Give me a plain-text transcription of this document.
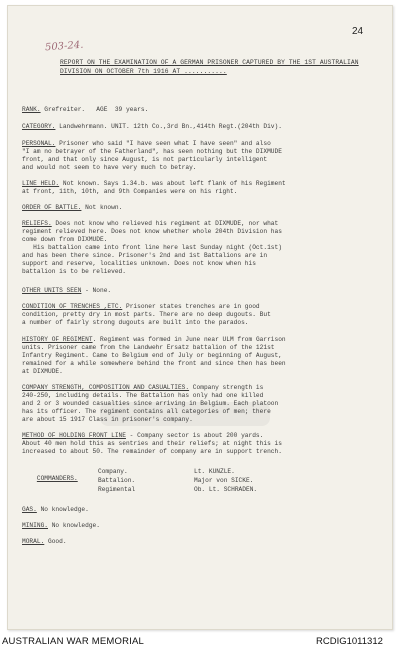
24
503-24.
REPORT ON THE EXAMINATION OF A GERMAN PRISONER CAPTURED BY THE 1ST AUSTRALIAN DIVISION ON OCTOBER 7th 1916 AT ...........
RANK. Grefreiter.   AGE  39 years.
CATEGORY. Landwehrmann. UNIT. 12th Co.,3rd Bn.,414th Regt.(204th Div).
PERSONAL. Prisoner who said "I have seen what I have seen" and also
"I am no betrayer of the Fatherland", has seen nothing but the DIXMUDE
front, and that only since August, is not particularly intelligent
and would not seem to have very much to betray.
LINE HELD. Not known. Says 1.34.b. was about left flank of his Regiment
at front, 11th, 10th, and 9th Companies were on his right.
ORDER OF BATTLE. Not known.
RELIEFS. Does not know who relieved his regiment at DIXMUDE, nor what
regiment relieved here. Does not know whether whole 204th Division has
come down from DIXMUDE.
His battalion came into front line here last Sunday night (Oct.1st)
and has been there since. Prisoner's 2nd and 1st Battalions are in
support and reserve, localities unknown. Does not know when his
battalion is to be relieved.
OTHER UNITS SEEN - None.
CONDITION OF TRENCHES ,ETC. Prisoner states trenches are in good
condition, pretty dry in most parts. There are no deep dugouts. But
a number of fairly strong dugouts are built into the parados.
HISTORY OF REGIMENT. Regiment was formed in June near ULM from Garrison
units. Prisoner came from the Landwehr Ersatz battalion of the 121st
Infantry Regiment. Came to Belgium end of July or beginning of August,
remained for a while somewhere behind the front and since then has been
at DIXMUDE.
COMPANY STRENGTH, COMPOSITION AND CASUALTIES. Company strength is
240-250, including details. The Battalion has only had one killed
and 2 or 3 wounded casualties since arriving in Belgium. Each platoon
has its officer. The regiment contains all categories of men; there
are about 15 1917 Class in prisoner's company.
METHOD OF HOLDING FRONT LINE - Company sector is about 200 yards.
About 40 men hold this as sentries and their reliefs; at night this is
increased to about 50. The remainder of company are in support trench.

COMMANDERS.

Company.	Lt. KUNZLE.
Battalion.	Major von SICKE.
Regimental	Ob. Lt. SCHRADEN.
GAS. No knowledge.
MINING. No knowledge.
MORAL. Good.
AUSTRALIAN WAR MEMORIAL	RCDIG1011312
